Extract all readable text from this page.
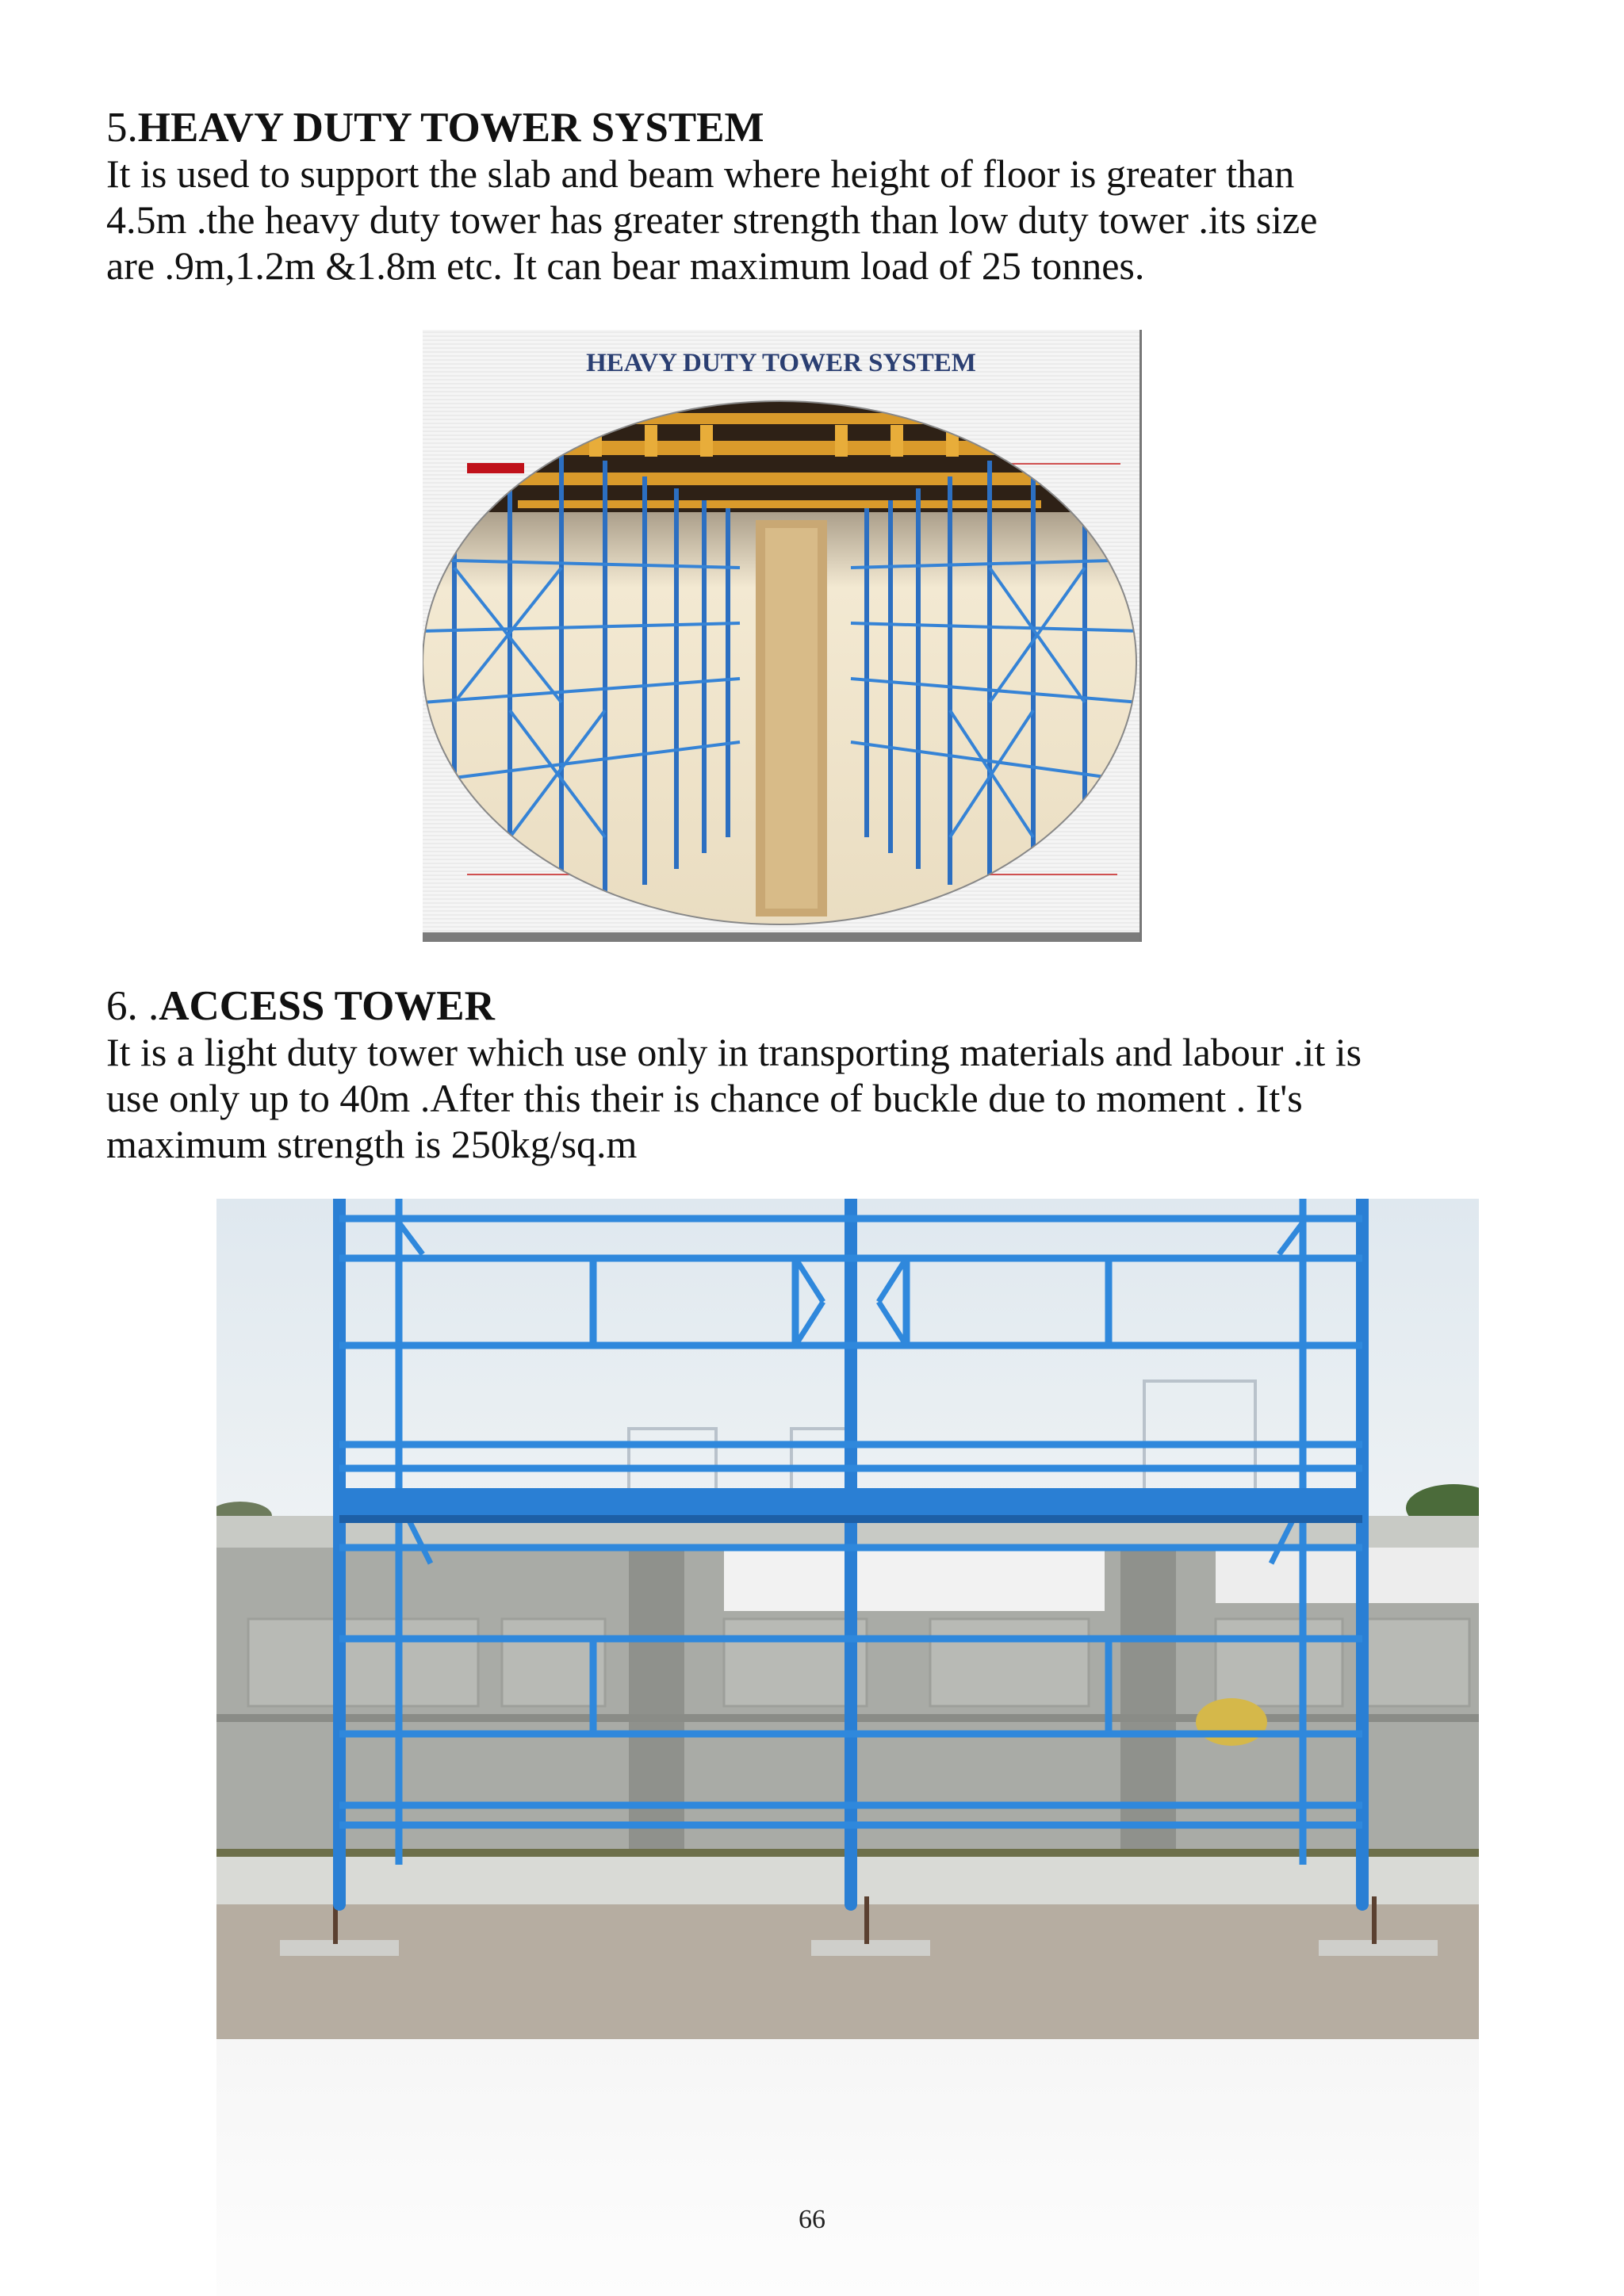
5.HEAVY DUTY TOWER SYSTEM
It is used to support the slab and beam where height of floor is greater than
4.5m .the heavy duty tower has greater strength than low duty tower .its size
are .9m,1.2m &1.8m etc. It can bear maximum load of 25 tonnes.
HEAVY DUTY TOWER SYSTEM
6. .ACCESS TOWER
It is a light duty tower which use only in transporting materials and labour .it is
use only up to 40m .After this their is chance of buckle due to moment . It's
maximum strength is 250kg/sq.m
66
